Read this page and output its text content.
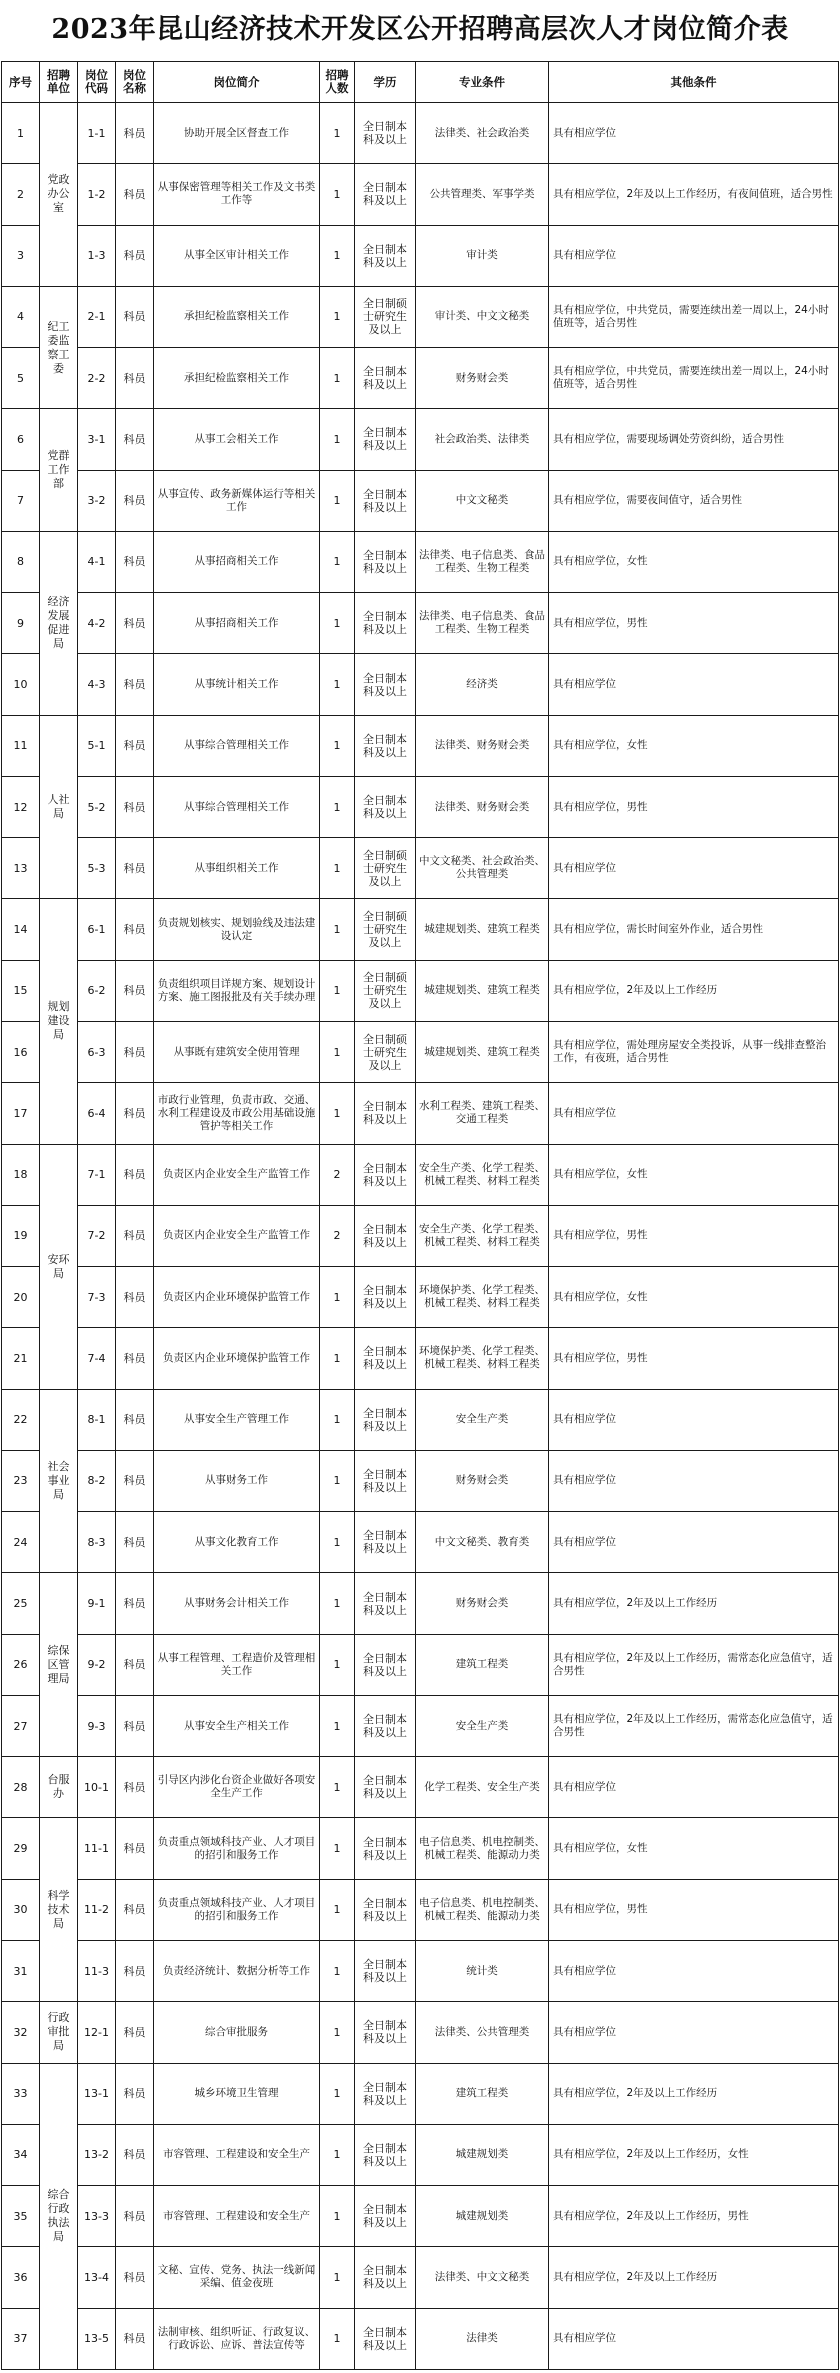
2023年昆山经济技术开发区公开招聘高层次人才岗位简介表
序号	招聘单位	岗位代码	岗位名称	岗位简介	招聘人数	学历	专业条件	其他条件
1	党政办公室	1-1	科员	协助开展全区督查工作	1	全日制本科及以上	法律类、社会政治类	具有相应学位
2		1-2	科员	从事保密管理等相关工作及文书类工作等	1	全日制本科及以上	公共管理类、军事学类	具有相应学位，2年及以上工作经历，有夜间值班，适合男性
3		1-3	科员	从事全区审计相关工作	1	全日制本科及以上	审计类	具有相应学位
4	纪工委监察工委	2-1	科员	承担纪检监察相关工作	1	全日制硕士研究生及以上	审计类、中文文秘类	具有相应学位，中共党员，需要连续出差一周以上，24小时值班等，适合男性
5		2-2	科员	承担纪检监察相关工作	1	全日制本科及以上	财务财会类	具有相应学位，中共党员，需要连续出差一周以上，24小时值班等，适合男性
6	党群工作部	3-1	科员	从事工会相关工作	1	全日制本科及以上	社会政治类、法律类	具有相应学位，需要现场调处劳资纠纷，适合男性
7		3-2	科员	从事宣传、政务新媒体运行等相关工作	1	全日制本科及以上	中文文秘类	具有相应学位，需要夜间值守，适合男性
8	经济发展促进局	4-1	科员	从事招商相关工作	1	全日制本科及以上	法律类、电子信息类、食品工程类、生物工程类	具有相应学位，女性
9		4-2	科员	从事招商相关工作	1	全日制本科及以上	法律类、电子信息类、食品工程类、生物工程类	具有相应学位，男性
10		4-3	科员	从事统计相关工作	1	全日制本科及以上	经济类	具有相应学位
11	人社局	5-1	科员	从事综合管理相关工作	1	全日制本科及以上	法律类、财务财会类	具有相应学位，女性
12		5-2	科员	从事综合管理相关工作	1	全日制本科及以上	法律类、财务财会类	具有相应学位，男性
13		5-3	科员	从事组织相关工作	1	全日制硕士研究生及以上	中文文秘类、社会政治类、公共管理类	具有相应学位
14	规划建设局	6-1	科员	负责规划核实、规划验线及违法建设认定	1	全日制硕士研究生及以上	城建规划类、建筑工程类	具有相应学位，需长时间室外作业，适合男性
15		6-2	科员	负责组织项目详规方案、规划设计方案、施工图报批及有关手续办理	1	全日制硕士研究生及以上	城建规划类、建筑工程类	具有相应学位，2年及以上工作经历
16		6-3	科员	从事既有建筑安全使用管理	1	全日制硕士研究生及以上	城建规划类、建筑工程类	具有相应学位，需处理房屋安全类投诉，从事一线排查整治工作，有夜班，适合男性
17		6-4	科员	市政行业管理，负责市政、交通、水利工程建设及市政公用基础设施管护等相关工作	1	全日制本科及以上	水利工程类、建筑工程类、交通工程类	具有相应学位
18	安环局	7-1	科员	负责区内企业安全生产监管工作	2	全日制本科及以上	安全生产类、化学工程类、机械工程类、材料工程类	具有相应学位，女性
19		7-2	科员	负责区内企业安全生产监管工作	2	全日制本科及以上	安全生产类、化学工程类、机械工程类、材料工程类	具有相应学位，男性
20		7-3	科员	负责区内企业环境保护监管工作	1	全日制本科及以上	环境保护类、化学工程类、机械工程类、材料工程类	具有相应学位，女性
21		7-4	科员	负责区内企业环境保护监管工作	1	全日制本科及以上	环境保护类、化学工程类、机械工程类、材料工程类	具有相应学位，男性
22	社会事业局	8-1	科员	从事安全生产管理工作	1	全日制本科及以上	安全生产类	具有相应学位
23		8-2	科员	从事财务工作	1	全日制本科及以上	财务财会类	具有相应学位
24		8-3	科员	从事文化教育工作	1	全日制本科及以上	中文文秘类、教育类	具有相应学位
25	综保区管理局	9-1	科员	从事财务会计相关工作	1	全日制本科及以上	财务财会类	具有相应学位，2年及以上工作经历
26		9-2	科员	从事工程管理、工程造价及管理相关工作	1	全日制本科及以上	建筑工程类	具有相应学位，2年及以上工作经历，需常态化应急值守，适合男性
27		9-3	科员	从事安全生产相关工作	1	全日制本科及以上	安全生产类	具有相应学位，2年及以上工作经历，需常态化应急值守，适合男性
28	台服办	10-1	科员	引导区内涉化台资企业做好各项安全生产工作	1	全日制本科及以上	化学工程类、安全生产类	具有相应学位
29	科学技术局	11-1	科员	负责重点领域科技产业、人才项目的招引和服务工作	1	全日制本科及以上	电子信息类、机电控制类、机械工程类、能源动力类	具有相应学位，女性
30		11-2	科员	负责重点领域科技产业、人才项目的招引和服务工作	1	全日制本科及以上	电子信息类、机电控制类、机械工程类、能源动力类	具有相应学位，男性
31		11-3	科员	负责经济统计、数据分析等工作	1	全日制本科及以上	统计类	具有相应学位
32	行政审批局	12-1	科员	综合审批服务	1	全日制本科及以上	法律类、公共管理类	具有相应学位
33	综合行政执法局	13-1	科员	城乡环境卫生管理	1	全日制本科及以上	建筑工程类	具有相应学位，2年及以上工作经历
34		13-2	科员	市容管理、工程建设和安全生产	1	全日制本科及以上	城建规划类	具有相应学位，2年及以上工作经历，女性
35		13-3	科员	市容管理、工程建设和安全生产	1	全日制本科及以上	城建规划类	具有相应学位，2年及以上工作经历，男性
36		13-4	科员	文秘、宣传、党务、执法一线新闻采编、值金夜班	1	全日制本科及以上	法律类、中文文秘类	具有相应学位，2年及以上工作经历
37		13-5	科员	法制审核、组织听证、行政复议、行政诉讼、应诉、普法宣传等	1	全日制本科及以上	法律类	具有相应学位
